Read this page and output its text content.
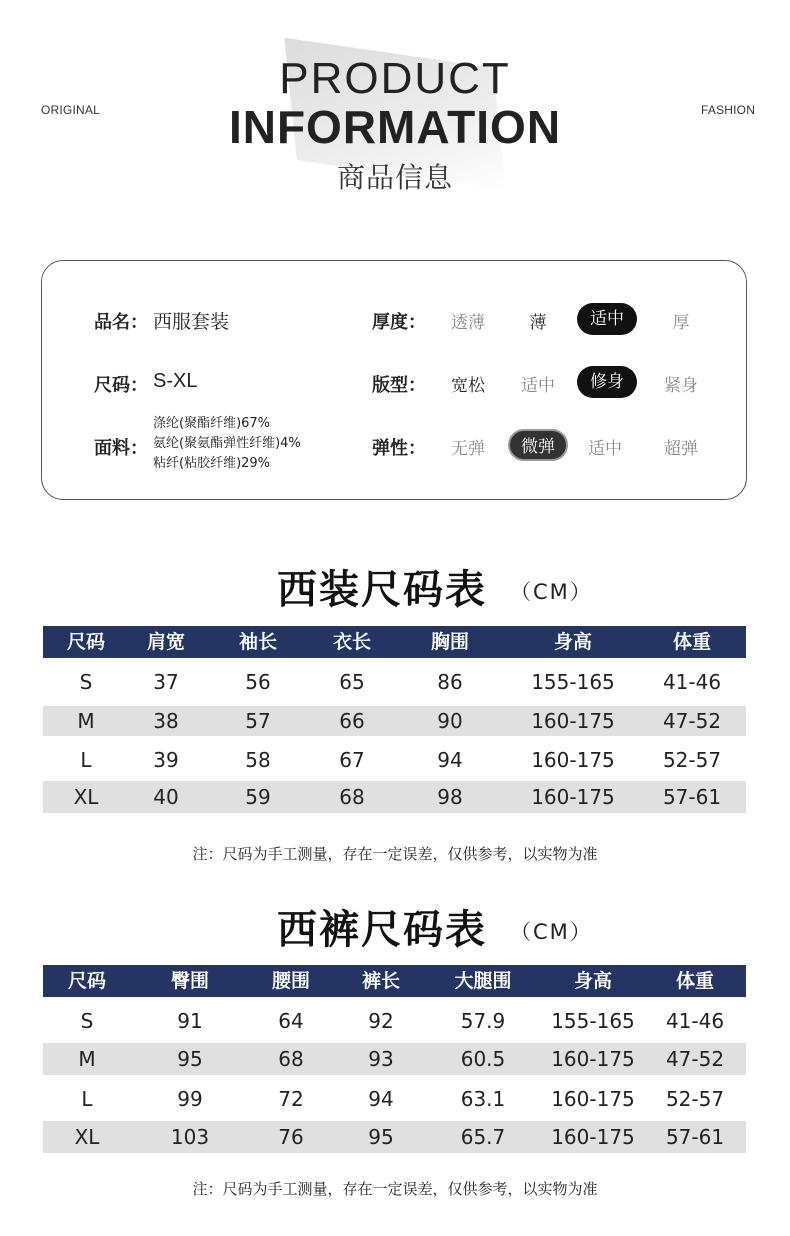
ORIGINAL	FASHION
PRODUCT
INFORMATION
商品信息
品名： 西服套装
尺码： S-XL
面料：
涤纶(聚酯纤维)67%
氨纶(聚氨酯弹性纤维)4%
粘纤(粘胶纤维)29%
厚度：	透薄	薄	适中	厚
版型：	宽松	适中	修身	紧身
弹性：	无弹	微弹	适中	超弹
西装尺码表 （CM）
尺码 肩宽	袖长	衣长	胸围	身高	体重
S	37	56	65	86	155-165 41-46
M	38	57	66	90	160-175 47-52
L	39	58	67	94	160-175 52-57
XL	40	59	68	98	160-175 57-61
注：尺码为手工测量，存在一定误差，仅供参考，以实物为准
西裤尺码表 （CM）
尺码	臀围	腰围	裤长	大腿围	身高	体重
S	91	64	92	57.9 155-165 41-46
M	95	68	93	60.5 160-175 47-52
L	99	72	94	63.1 160-175 52-57
XL	103	76	95	65.7 160-175 57-61
注：尺码为手工测量，存在一定误差，仅供参考，以实物为准
